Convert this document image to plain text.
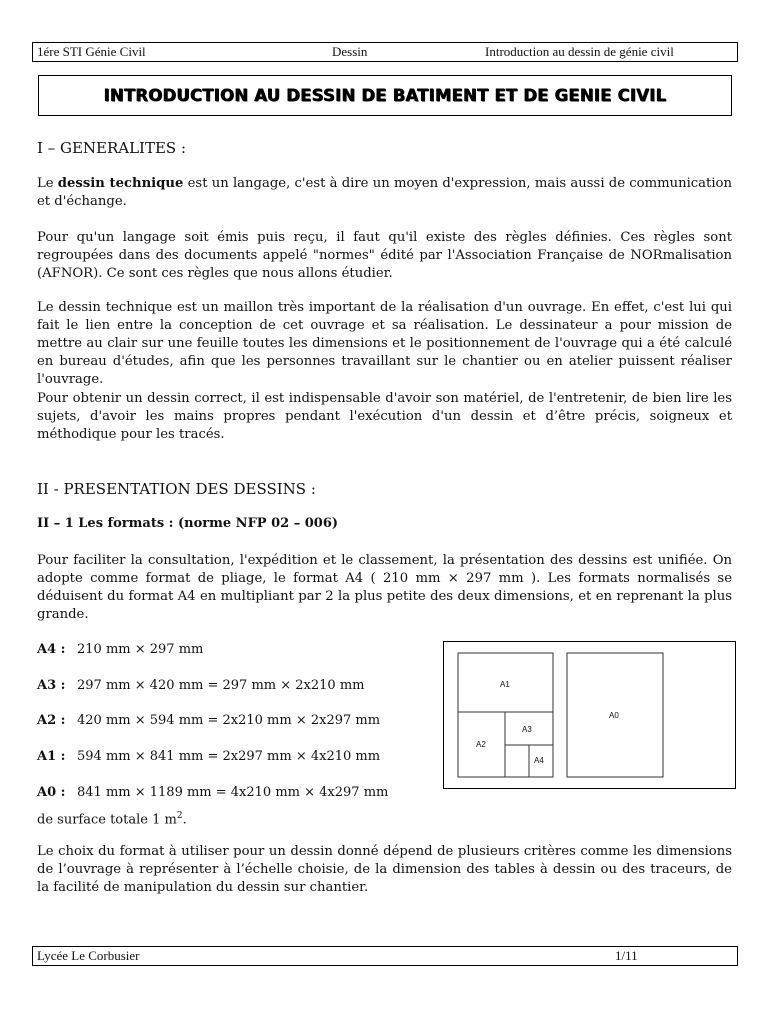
1ére STI Génie Civil	Dessin	Introduction au dessin de génie civil
INTRODUCTION AU DESSIN DE BATIMENT ET DE GENIE CIVIL
I – GENERALITES :
Le dessin technique est un langage, c'est à dire un moyen d'expression, mais aussi de communication et d'échange.
Pour qu'un langage soit émis puis reçu, il faut qu'il existe des règles définies. Ces règles sont regroupées dans des documents appelé "normes" édité par l'Association Française de NORmalisation (AFNOR). Ce sont ces règles que nous allons étudier.
Le dessin technique est un maillon très important de la réalisation d'un ouvrage. En effet, c'est lui qui fait le lien entre la conception de cet ouvrage et sa réalisation. Le dessinateur a pour mission de mettre au clair sur une feuille toutes les dimensions et le positionnement de l'ouvrage qui a été calculé en bureau d'études, afin que les personnes travaillant sur le chantier ou en atelier puissent réaliser l'ouvrage.
Pour obtenir un dessin correct, il est indispensable d'avoir son matériel, de l'entretenir, de bien lire les sujets, d'avoir les mains propres pendant l'exécution d'un dessin et d’être précis, soigneux et méthodique pour les tracés.
II - PRESENTATION DES DESSINS :
II – 1 Les formats : (norme NFP 02 – 006)
Pour faciliter la consultation, l'expédition et le classement, la présentation des dessins est unifiée. On adopte comme format de pliage, le format A4 ( 210 mm × 297 mm ). Les formats normalisés se déduisent du format A4 en multipliant par 2 la plus petite des deux dimensions, et en reprenant la plus grande.
A4 : 210 mm × 297 mm
A3 : 297 mm × 420 mm = 297 mm × 2x210 mm
A2 : 420 mm × 594 mm = 2x210 mm × 2x297 mm
A1 : 594 mm × 841 mm = 2x297 mm × 4x210 mm
A0 : 841 mm × 1189 mm = 4x210 mm × 4x297 mm
de surface totale 1 $m^2$.
A1
A2
A3
A4
A0
Le choix du format à utiliser pour un dessin donné dépend de plusieurs critères comme les dimensions de l’ouvrage à représenter à l’échelle choisie, de la dimension des tables à dessin ou des traceurs, de la facilité de manipulation du dessin sur chantier.
Lycée Le Corbusier	1/11
